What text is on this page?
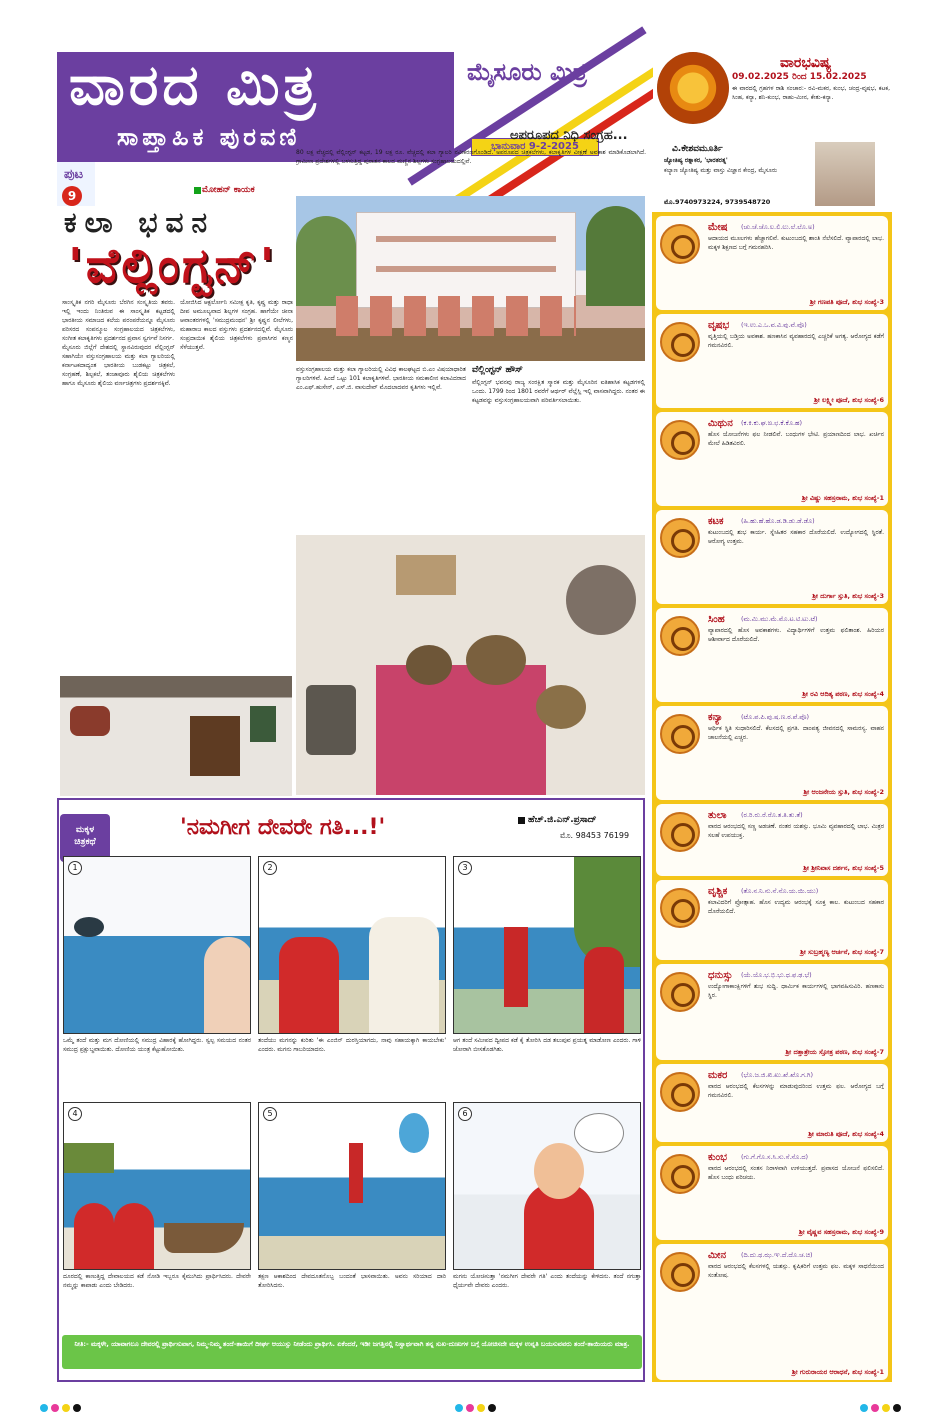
ವಾರದ ಮಿತ್ರ
ಸಾಪ್ತಾಹಿಕ ಪುರವಣಿ
ಮೈಸೂರು ಮಿತ್ರ
ಭಾನುವಾರ 9-2-2025
ಪುಟ
9	ಮೋಹನ್ ಕಾಯಕ
ಅಪರೂಪದ ನಿಧಿ ಸಂಗ್ರಹ...
80 ಲಕ್ಷ ವೆಚ್ಚದಲ್ಲಿ ವೆಲ್ಲಿಂಗ್ಟನ್ ಕಟ್ಟಡ, 19 ಲಕ್ಷ ರೂ. ವೆಚ್ಚದಲ್ಲಿ ಕಲಾ ಗ್ಯಾಲರಿ ನವೀಕರಣಗೊಂಡಿದೆ. ಅಪರೂಪದ ಚಿತ್ರಕಲೆಗಳು, ಕಲಾಕೃತಿಗಳ ವೀಕ್ಷಣೆ ಅವಕಾಶ ಮಾಡಿಕೊಡಲಾಗಿದೆ. ಗ್ರಾಮೀಣ ಪ್ರದೇಶಗಳಲ್ಲಿ ಬಳಸುತ್ತಿದ್ದ ಪುರಾತನ ಕಾಲದ ಮಣ್ಣಿನ ಶಿಲ್ಪಗಳು ಸಂಗ್ರಹಾಲಯದಲ್ಲಿವೆ.
ಕಲಾ ಭವನ
'ವೆಲ್ಲಿಂಗ್ಟನ್'

ಸಾಂಸ್ಕೃತಿಕ ನಗರಿ ಮೈಸೂರು ಬೆರಗಿನ ಸಂಸ್ಕೃತಿಯ ತವರು. ಇಲ್ಲಿ ಇಂದು ನಿಂತಿರುವ ಈ ಸಾಂಸ್ಕೃತಿಕ ಕಟ್ಟಡದಲ್ಲಿ ಭಾರತೀಯ ಸಮಾಜದ ಕಲೆಯ ಪರಂಪರೆಯನ್ನೂ ಮೈಸೂರು ಪರಿಸರದ ಸಂಪನ್ಮೂಲ ಸಂಗ್ರಹಾಲಯದ ಚಿತ್ರಕಲೆಗಳು, ಸಂಗೀತ ಕಲಾಕೃತಿಗಳು ಪ್ರದರ್ಶನದ ಪ್ರವಾಸ ಸ್ವರ್ಗವೆ ನಿಸರ್ಗ.

ಮೈಸೂರು ಜಿಲ್ಲೆಗೆ ದೇಶದಲ್ಲಿ ಸ್ಥಾನವಿರುವುದರ ವೆಲ್ಲಿಂಗ್ಟನ್ ಸಹಾಗಿಯೇ ವಸ್ತುಸಂಗ್ರಹಾಲಯ ಮತ್ತು ಕಲಾ ಗ್ಯಾಲರಿಯಲ್ಲಿ ಕರ್ನಾಟಕದಾದ್ಯಂತ ಭಾರತೀಯ ಬುಡಕಟ್ಟು ಚಿತ್ರಕಲೆ, ಸಂಗ್ರಹಣೆ, ಶಿಲ್ಪಕಲೆ, ತಂಜಾವೂರು ಶೈಲಿಯ ಚಿತ್ರಕಲೆಗಳು ಹಾಗೂ ಮೈಸೂರು ಶೈಲಿಯ ವರ್ಣಚಿತ್ರಗಳು ಪ್ರದರ್ಶನಕ್ಕಿವೆ.

ಯೋಜಿಸಿದ ಆಕ್ಟರ್ಲೋನಿ ಸಮೀಕ್ಷ ಕೃತಿ, ಕೃಷ್ಣ ಮತ್ತು ರಾಧಾ ದೀಪ ಅಮೂಲ್ಯವಾದ ಶಿಲ್ಪಗಳ ಸಂಗ್ರಹ. ಹಾಗೆಯೇ ಚೀನಾ ಆವಾಂತರಗಳಲ್ಲಿ 'ಸಮುದ್ರಮಂಥನ' ಶ್ರೀ ಕೃಷ್ಣನ ಲೀಲೆಗಳು, ಮಹಾರಾಜ ಕಾಲದ ವಸ್ತುಗಳು ಪ್ರದರ್ಶನದಲ್ಲಿವೆ. ಮೈಸೂರು ಸಂಪ್ರದಾಯಿಕ ಶೈಲಿಯ ಚಿತ್ರಕಲೆಗಳು ಪ್ರವಾಸಿಗರ ಕಣ್ಮನ ಸೆಳೆಯುತ್ತವೆ.

ವಸ್ತುಸಂಗ್ರಹಾಲಯ ಮತ್ತು ಕಲಾ ಗ್ಯಾಲರಿಯಲ್ಲಿ ವಿವಿಧ ಕಾಲಘಟ್ಟದ ಬಿ.ಎಂ ವಿಷಯಾಧಾರಿತ ಗ್ಯಾಲರಿಗಳಿವೆ. ಹಿಂದೆ ಒಟ್ಟು 101 ಕಲಾಕೃತಿಗಳಿವೆ. ಭಾರತೀಯ ಸಮಕಾಲೀನ ಕಲಾವಿದರಾದ ಎಂ.ಎಫ್.ಹುಸೇನ್, ಎಸ್.ಜಿ. ವಾಸುದೇವ್ ಮೊದಲಾದವರ ಕೃತಿಗಳು ಇಲ್ಲಿವೆ.

ವೆಲ್ಲಿಂಗ್ಟನ್ ಹೌಸ್

ವೆಲ್ಲಿಂಗ್ಟನ್ ಭವನವು ರಾಜ್ಯ ಸಂರಕ್ಷಿತ ಸ್ಮಾರಕ ಮತ್ತು ಮೈಸೂರಿನ ಐತಿಹಾಸಿಕ ಕಟ್ಟಡಗಳಲ್ಲಿ ಒಂದು. 1799 ರಿಂದ 1801 ರವರೆಗೆ ಆರ್ಥರ್ ವೆಲ್ಲೆಸ್ಲಿ ಇಲ್ಲಿ ವಾಸವಾಗಿದ್ದರು. ನಂತರ ಈ ಕಟ್ಟಡವನ್ನು ವಸ್ತುಸಂಗ್ರಹಾಲಯವಾಗಿ ಪರಿವರ್ತಿಸಲಾಯಿತು.

ವಾರಭವಿಷ್ಯ
09.02.2025 ರಿಂದ 15.02.2025
ಈ ವಾರದಲ್ಲಿ ಗ್ರಹಗಳ ರಾಶಿ ಸಂಚಾರ:- ರವಿ-ಮಕರ, ಕುಂಭ, ಚಂದ್ರ-ವೃಷಭ, ಕಟಕ, ಸಿಂಹ, ಕನ್ಯಾ, ಶನಿ-ಕುಂಭ, ರಾಹು-ಮೀನ, ಕೇತು-ಕನ್ಯಾ.
ವಿ.ಕೇಶವಮೂರ್ತಿ
ಜ್ಯೋತಿಷ್ಯ ರತ್ನಾಕರ, 'ಭಾರತರತ್ನ'
ಕಲ್ಯಾಣ ಜ್ಯೋತಿಷ್ಯ ಮತ್ತು ವಾಸ್ತು ವಿಜ್ಞಾನ ಕೇಂದ್ರ, ಮೈಸೂರು
ಮೊ.9740973224, 9739548720
ಮೇಷ (ಚು.ಚೆ.ಚೊ.ಲ.ಲಿ.ಲು.ಲೆ.ಲೊ.ಅ)
ಆದಾಯದ ಮೂಲಗಳು ಹೆಚ್ಚಾಗಲಿವೆ. ಕುಟುಂಬದಲ್ಲಿ ಶಾಂತಿ ನೆಲೆಸಲಿದೆ. ವ್ಯಾಪಾರದಲ್ಲಿ ಲಾಭ. ಮಕ್ಕಳ ಶಿಕ್ಷಣದ ಬಗ್ಗೆ ಗಮನಹರಿಸಿ.
ಶ್ರೀ ಗಣಪತಿ ಪೂಜೆ, ಶುಭ ಸಂಖ್ಯೆ-3
ವೃಷಭ (ಇ.ಉ.ಎ.ಒ.ವ.ವಿ.ವು.ವೆ.ವೊ)
ವೃತ್ತಿಯಲ್ಲಿ ಬಡ್ತಿಯ ಅವಕಾಶ. ಹಣಕಾಸಿನ ವ್ಯವಹಾರದಲ್ಲಿ ಎಚ್ಚರಿಕೆ ಅಗತ್ಯ. ಆರೋಗ್ಯದ ಕಡೆಗೆ ಗಮನವಿರಲಿ.
ಶ್ರೀ ಲಕ್ಷ್ಮೀ ಪೂಜೆ, ಶುಭ ಸಂಖ್ಯೆ-6
ಮಿಥುನ (ಕ.ಕಿ.ಕು.ಘ.ಙ.ಛ.ಕೆ.ಕೊ.ಹ)
ಹೊಸ ಯೋಜನೆಗಳು ಫಲ ನೀಡಲಿವೆ. ಬಂಧುಗಳ ಭೇಟಿ. ಪ್ರಯಾಣದಿಂದ ಲಾಭ. ಖರ್ಚಿನ ಮೇಲೆ ಹಿಡಿತವಿರಲಿ.
ಶ್ರೀ ವಿಷ್ಣು ಸಹಸ್ರನಾಮ, ಶುಭ ಸಂಖ್ಯೆ-1
ಕಟಕ	(ಹಿ.ಹು.ಹೆ.ಹೊ.ಡ.ಡಿ.ಡು.ಡೆ.ಡೊ)
ಕುಟುಂಬದಲ್ಲಿ ಶುಭ ಕಾರ್ಯ. ಸ್ನೇಹಿತರ ಸಹಕಾರ ದೊರೆಯಲಿದೆ. ಉದ್ಯೋಗದಲ್ಲಿ ಸ್ಥಿರತೆ. ಆರೋಗ್ಯ ಉತ್ತಮ.
ಶ್ರೀ ದುರ್ಗಾ ಸ್ತುತಿ, ಶುಭ ಸಂಖ್ಯೆ-3
ಸಿಂಹ	(ಮ.ಮಿ.ಮು.ಮೆ.ಮೊ.ಟ.ಟಿ.ಟು.ಟೆ)
ವ್ಯಾಪಾರದಲ್ಲಿ ಹೊಸ ಅವಕಾಶಗಳು. ವಿದ್ಯಾರ್ಥಿಗಳಿಗೆ ಉತ್ತಮ ಫಲಿತಾಂಶ. ಹಿರಿಯರ ಆಶೀರ್ವಾದ ದೊರೆಯಲಿದೆ.
ಶ್ರೀ ರವಿ ಆದಿತ್ಯ ಪಠಣ, ಶುಭ ಸಂಖ್ಯೆ-4
ಕನ್ಯಾ	(ಟೊ.ಪ.ಪಿ.ಪು.ಷ.ಣ.ಠ.ಪೆ.ಪೊ)
ಆರ್ಥಿಕ ಸ್ಥಿತಿ ಸುಧಾರಿಸಲಿದೆ. ಕೆಲಸದಲ್ಲಿ ಪ್ರಗತಿ. ದಾಂಪತ್ಯ ಜೀವನದಲ್ಲಿ ಸಾಮರಸ್ಯ. ವಾಹನ ಚಾಲನೆಯಲ್ಲಿ ಎಚ್ಚರ.
ಶ್ರೀ ಆಂಜನೇಯ ಸ್ತುತಿ, ಶುಭ ಸಂಖ್ಯೆ-2
ತುಲಾ (ರ.ರಿ.ರು.ರೆ.ರೊ.ತ.ತಿ.ತು.ತೆ)
ವಾರದ ಆರಂಭದಲ್ಲಿ ಸಣ್ಣ ಅಡಚಣೆ. ನಂತರ ಯಶಸ್ಸು. ಭೂಮಿ ವ್ಯವಹಾರದಲ್ಲಿ ಲಾಭ. ಮಿತ್ರರ ಸಲಹೆ ಉಪಯುಕ್ತ.
ಶ್ರೀ ಶ್ರೀನಿವಾಸ ದರ್ಶನ, ಶುಭ ಸಂಖ್ಯೆ-5
ವೃಶ್ಚಿಕ (ತೊ.ನ.ನಿ.ನು.ನೆ.ನೊ.ಯ.ಯಿ.ಯು)
ಕಲಾವಿದರಿಗೆ ಪ್ರೋತ್ಸಾಹ. ಹೊಸ ಉದ್ಯಮ ಆರಂಭಕ್ಕೆ ಸೂಕ್ತ ಕಾಲ. ಕುಟುಂಬದ ಸಹಕಾರ ದೊರೆಯಲಿದೆ.
ಶ್ರೀ ಸುಬ್ರಹ್ಮಣ್ಯ ಆರ್ಚನೆ, ಶುಭ ಸಂಖ್ಯೆ-7
ಧನುಸ್ಸು (ಯೆ.ಯೊ.ಭ.ಭಿ.ಭು.ಧ.ಫ.ಢ.ಭೆ)
ಉದ್ಯೋಗಾಕಾಂಕ್ಷಿಗಳಿಗೆ ಶುಭ ಸುದ್ದಿ. ಧಾರ್ಮಿಕ ಕಾರ್ಯಗಳಲ್ಲಿ ಭಾಗವಹಿಸುವಿರಿ. ಹಣಕಾಸು ಸ್ಥಿರ.
ಶ್ರೀ ದತ್ತಾತ್ರೇಯ ಸ್ತೋತ್ರ ಪಠಣ, ಶುಭ ಸಂಖ್ಯೆ-7
ಮಕರ (ಭೊ.ಜ.ಜಿ.ಖಿ.ಖು.ಖೆ.ಖೊ.ಗ.ಗಿ)
ವಾರದ ಆರಂಭದಲ್ಲಿ ಕೆಲಸಗಳನ್ನು ಮಾಡುವುದರಿಂದ ಉತ್ತಮ ಫಲ. ಆರೋಗ್ಯದ ಬಗ್ಗೆ ಗಮನವಿರಲಿ.
ಶ್ರೀ ಮಾರುತಿ ಪೂಜೆ, ಶುಭ ಸಂಖ್ಯೆ-4
ಕುಂಭ (ಗು.ಗೆ.ಗೊ.ಸ.ಸಿ.ಸು.ಸೆ.ಸೊ.ದ)
ವಾರದ ಆರಂಭದಲ್ಲಿ ಸಂತಸ ನಿರಾಳವಾಗಿ ಉಳಿಯುತ್ತದೆ. ಪ್ರವಾಸದ ಯೋಜನೆ ಫಲಿಸಲಿದೆ. ಹೊಸ ಬಂಧು ಪರಿಚಯ.
ಶ್ರೀ ವೈಷ್ಣವ ಸಹಸ್ರನಾಮ, ಶುಭ ಸಂಖ್ಯೆ-9
ಮೀನ (ದಿ.ದು.ಥ.ಝ.ಞ.ದೆ.ದೊ.ಚ.ಚಿ)
ವಾರದ ಆರಂಭದಲ್ಲಿ ಕೆಲಸಗಳಲ್ಲಿ ಯಶಸ್ಸು. ಕೃಷಿಕರಿಗೆ ಉತ್ತಮ ಫಲ. ಮಕ್ಕಳ ಸಾಧನೆಯಿಂದ ಸಂತೋಷ.
ಶ್ರೀ ಗುರುರಾಯರ ಆರಾಧನೆ, ಶುಭ ಸಂಖ್ಯೆ-1
ಮಕ್ಕಳ
ಚಿತ್ರಕಥೆ
'ನಮಗೀಗ ದೇವರೇ ಗತಿ...!'	ಹೆಚ್.ಜಿ.ಎನ್.ಪ್ರಸಾದ್
ಮೊ. 98453 76199
1	2	3
ಒಮ್ಮೆ ತಂದೆ ಮತ್ತು ಮಗ ದೋಣಿಯಲ್ಲಿ ಸಮುದ್ರ ವಿಹಾರಕ್ಕೆ ಹೋಗಿದ್ದರು. ಸ್ವಲ್ಪ ಸಮಯದ ನಂತರ ಸಮುದ್ರ ಪ್ರಕ್ಷುಬ್ಧವಾಯಿತು. ದೋಣಿಯ ಯಂತ್ರ ಕೆಟ್ಟುಹೋಯಿತು.
ತಂದೆಯು ಮಗನನ್ನು ಕುರಿತು 'ಈ ಎಂಜಿನ್ ದುರಸ್ತಿಯಾಗದು, ನಾವು ಸಹಾಯಕ್ಕಾಗಿ ಕಾಯಬೇಕು' ಎಂದರು. ಮಗನು ಗಾಬರಿಯಾದನು.
ಆಗ ತಂದೆ ಸಮೀಪದ ದ್ವೀಪದ ಕಡೆ ಕೈ ತೋರಿಸಿ ದಡ ತಲುಪುವ ಪ್ರಯತ್ನ ಮಾಡೋಣ ಎಂದರು. ಗಾಳಿ ಜೋರಾಗಿ ಬೀಸತೊಡಗಿತು.
4	5	6
ದೂರದಲ್ಲಿ ಕಾಣುತ್ತಿದ್ದ ದೇವಾಲಯದ ಕಡೆ ನೋಡಿ ಇಬ್ಬರೂ ಕೈಮುಗಿದು ಪ್ರಾರ್ಥಿಸಿದರು. ದೇವರೇ ನಮ್ಮನ್ನು ಕಾಪಾಡು ಎಂದು ಬೇಡಿದರು.
ತಕ್ಷಣ ಆಕಾಶದಿಂದ ದೇವದೂತನೊಬ್ಬ ಬಂದಂತೆ ಭಾಸವಾಯಿತು. ಅವನು ಸರಿಯಾದ ದಾರಿ ತೋರಿಸಿದನು.
ಮಗನು ಯೋಚಿಸುತ್ತಾ 'ನಮಗೀಗ ದೇವರೇ ಗತಿ' ಎಂದು ತಂದೆಯನ್ನು ಕೇಳಿದನು. ತಂದೆ ನಗುತ್ತಾ ಧೈರ್ಯವೇ ದೇವರು ಎಂದರು.
ನೀತಿ:- ಮಕ್ಕಳೇ, ಯಾವಾಗಲೂ ದೇವರಲ್ಲಿ ಪ್ರಾರ್ಥಿಸುವಾಗ, ನಿಮ್ಮ-ನಿಮ್ಮ ತಂದೆ-ತಾಯಿಗೆ ದೀರ್ಘ ಆಯುಸ್ಸು ನೀಡೆಂದು ಪ್ರಾರ್ಥಿಸಿ. ಏಕೆಂದರೆ, ಇಡೀ ಜಗತ್ತಿನಲ್ಲಿ ನಿಸ್ವಾರ್ಥವಾಗಿ ತನ್ನ ಸುಖ-ದುಃಖಗಳ ಬಗ್ಗೆ ಯೋಚಿಸದೇ ಮಕ್ಕಳ ಉನ್ನತಿ ಬಯಸುವವರು ತಂದೆ-ತಾಯಿಯರು ಮಾತ್ರ.
